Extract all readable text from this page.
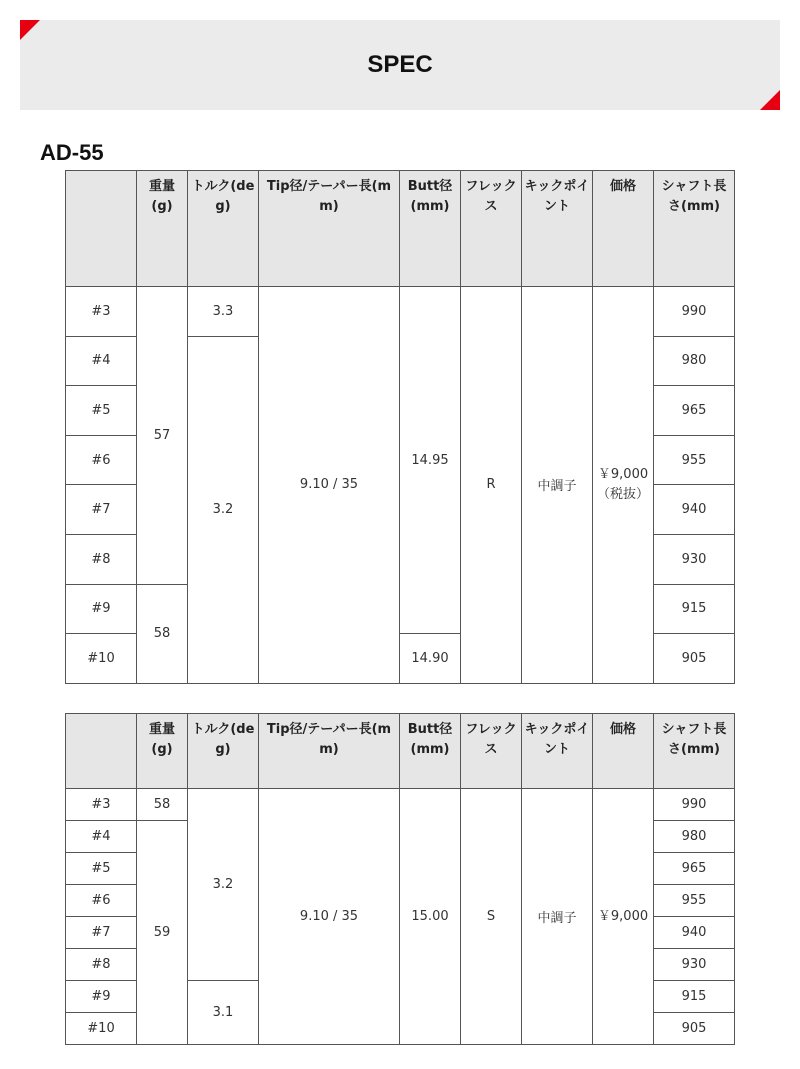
SPEC
AD-55
	重量(g)	トルク(deg)	Tip径/テーパー長(mm)	Butt径(mm)	フレックス	キックポイント	価格	シャフト長さ(mm)
#3	57	3.3	9.10 / 35	14.95	R	中調子	￥9,000（税抜）	990
#4		3.2						980
#5								965
#6								955
#7								940
#8								930
#9	58							915
#10				14.90				905
	重量(g)	トルク(deg)	Tip径/テーパー長(mm)	Butt径(mm)	フレックス	キックポイント	価格	シャフト長さ(mm)
#3	58	3.2	9.10 / 35	15.00	S	中調子	￥9,000	990
#4	59							980
#5								965
#6								955
#7								940
#8								930
#9		3.1						915
#10								905
